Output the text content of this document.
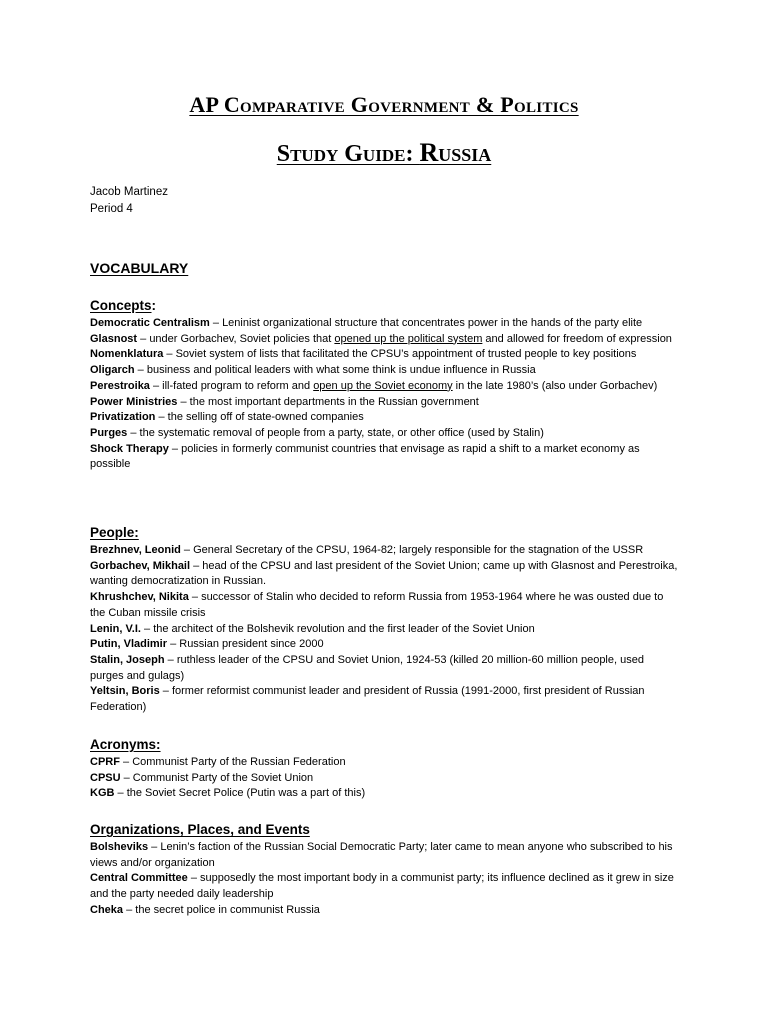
AP Comparative Government & Politics
Study Guide: Russia
Jacob Martinez
Period 4
VOCABULARY
Concepts:
Democratic Centralism – Leninist organizational structure that concentrates power in the hands of the party elite
Glasnost – under Gorbachev, Soviet policies that opened up the political system and allowed for freedom of expression
Nomenklatura – Soviet system of lists that facilitated the CPSU’s appointment of trusted people to key positions
Oligarch – business and political leaders with what some think is undue influence in Russia
Perestroika – ill-fated program to reform and open up the Soviet economy in the late 1980’s (also under Gorbachev)
Power Ministries – the most important departments in the Russian government
Privatization – the selling off of state-owned companies
Purges – the systematic removal of people from a party, state, or other office (used by Stalin)
Shock Therapy – policies in formerly communist countries that envisage as rapid a shift to a market economy as possible
People:
Brezhnev, Leonid – General Secretary of the CPSU, 1964-82; largely responsible for the stagnation of the USSR
Gorbachev, Mikhail – head of the CPSU and last president of the Soviet Union; came up with Glasnost and Perestroika, wanting democratization in Russian.
Khrushchev, Nikita – successor of Stalin who decided to reform Russia from 1953-1964 where he was ousted due to the Cuban missile crisis
Lenin, V.I. – the architect of the Bolshevik revolution and the first leader of the Soviet Union
Putin, Vladimir – Russian president since 2000
Stalin, Joseph – ruthless leader of the CPSU and Soviet Union, 1924-53 (killed 20 million-60 million people, used purges and gulags)
Yeltsin, Boris – former reformist communist leader and president of Russia (1991-2000, first president of Russian Federation)
Acronyms:
CPRF – Communist Party of the Russian Federation
CPSU – Communist Party of the Soviet Union
KGB – the Soviet Secret Police (Putin was a part of this)
Organizations, Places, and Events
Bolsheviks – Lenin’s faction of the Russian Social Democratic Party; later came to mean anyone who subscribed to his views and/or organization
Central Committee – supposedly the most important body in a communist party; its influence declined as it grew in size and the party needed daily leadership
Cheka – the secret police in communist Russia
